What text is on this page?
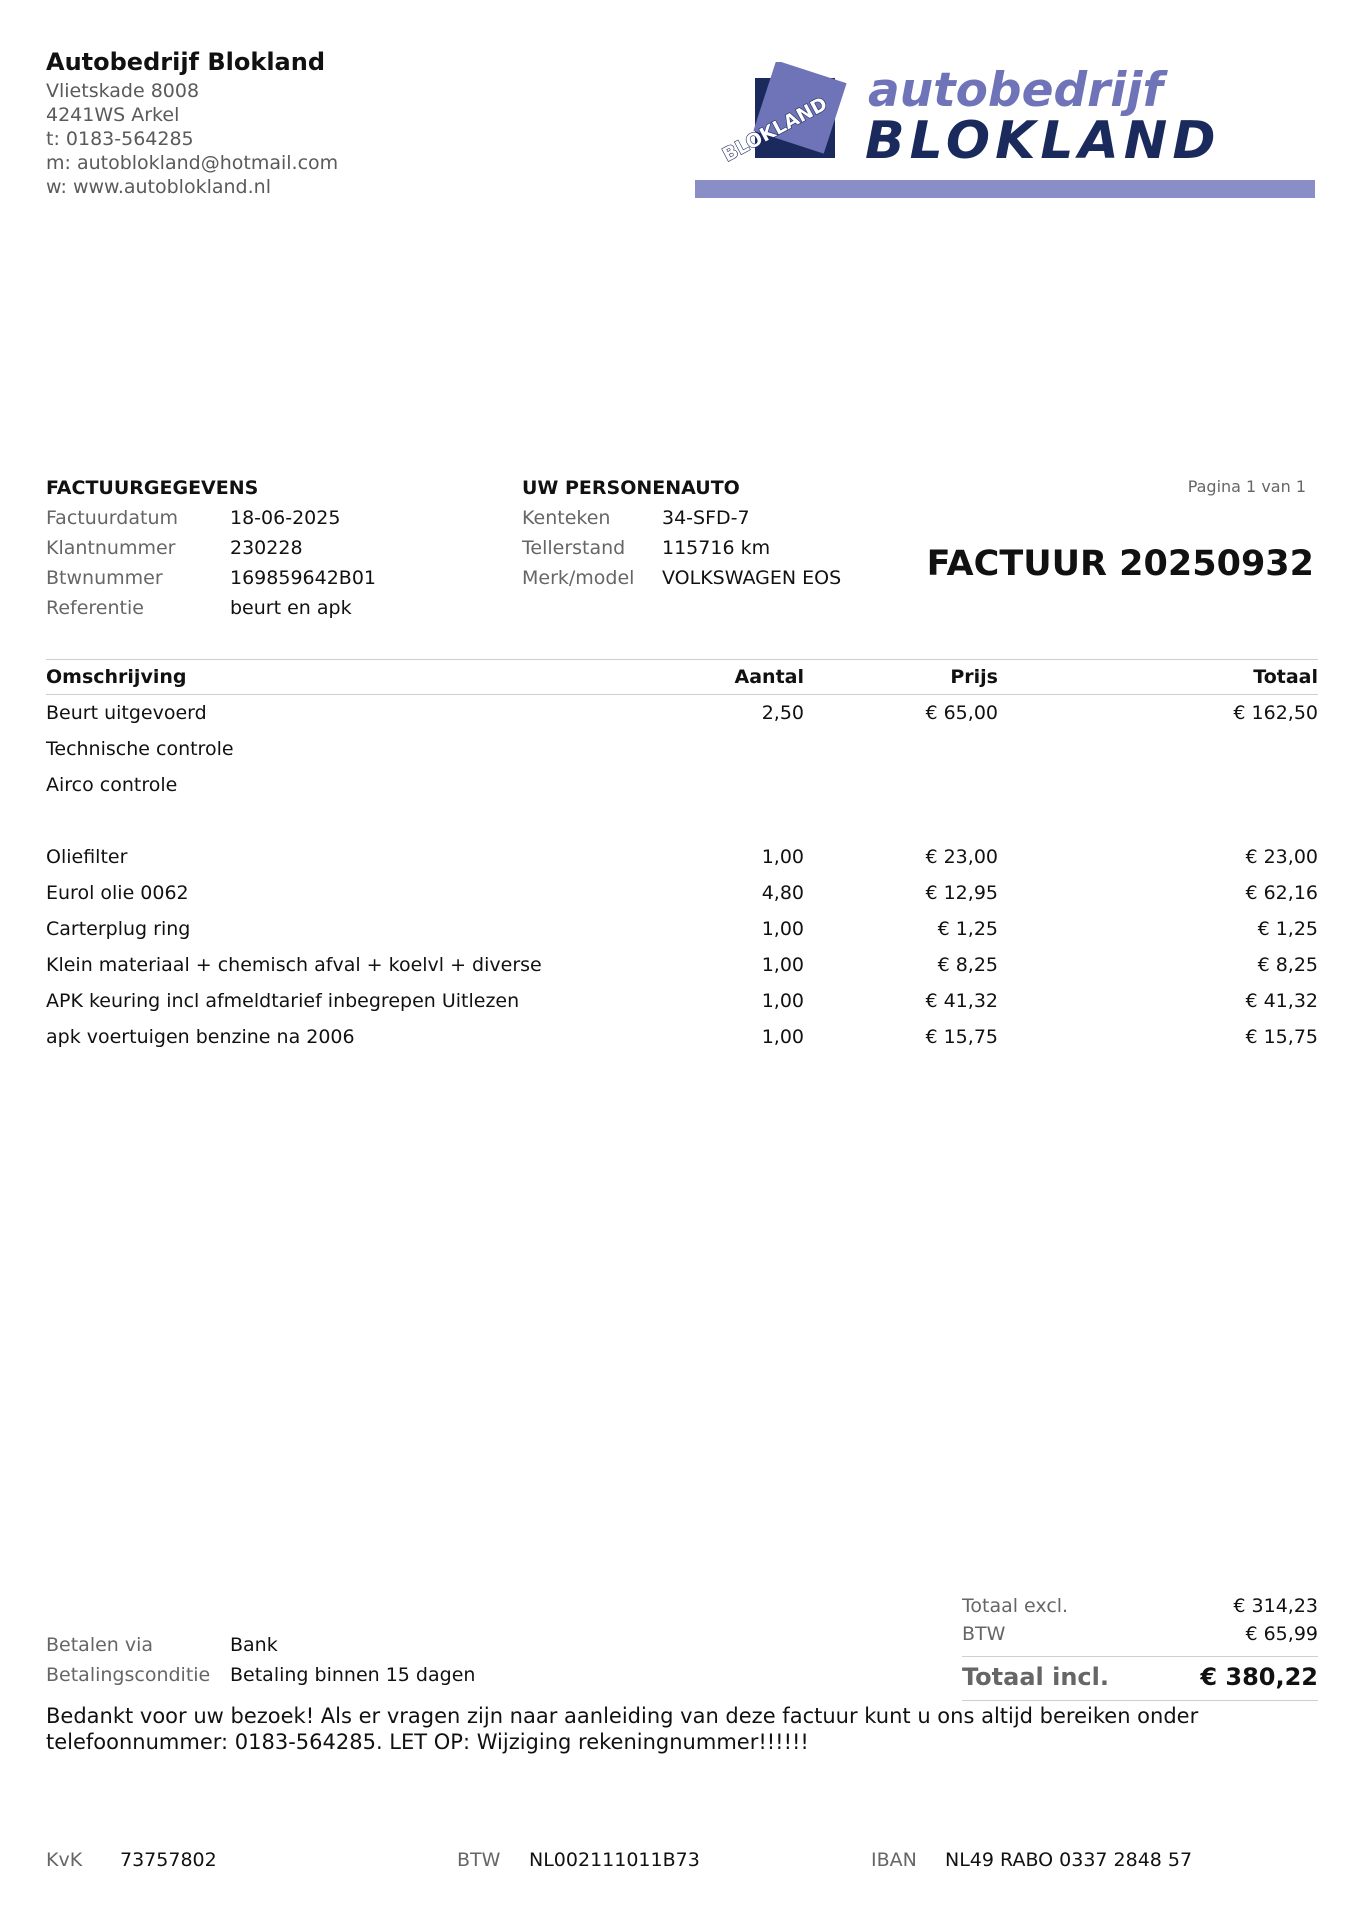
Autobedrijf Blokland
Vlietskade 8008
4241WS Arkel
t: 0183-564285
m: autoblokland@hotmail.com
w: www.autoblokland.nl
BLOKLAND
autobedrijf
BLOKLAND
FACTUURGEGEVENS
Factuurdatum	18-06-2025
Klantnummer	230228
Btwnummer	169859642B01
Referentie	beurt en apk
UW PERSONENAUTO
Kenteken	34-SFD-7
Tellerstand	115716 km
Merk/model	VOLKSWAGEN EOS
Pagina 1 van 1
FACTUUR 20250932
Omschrijving	Aantal	Prijs	Totaal
Beurt uitgevoerd	2,50	€ 65,00	€ 162,50
Technische controle
Airco controle
Oliefilter	1,00	€ 23,00	€ 23,00
Eurol olie 0062	4,80	€ 12,95	€ 62,16
Carterplug ring	1,00	€ 1,25	€ 1,25
Klein materiaal + chemisch afval + koelvl + diverse	1,00	€ 8,25	€ 8,25
APK keuring incl afmeldtarief inbegrepen Uitlezen	1,00	€ 41,32	€ 41,32
apk voertuigen benzine na 2006	1,00	€ 15,75	€ 15,75
Betalen via	Bank
Betalingsconditie	Betaling binnen 15 dagen
Totaal excl.	€ 314,23
BTW	€ 65,99
Totaal incl.	€ 380,22
Bedankt voor uw bezoek! Als er vragen zijn naar aanleiding van deze factuur kunt u ons altijd bereiken onder telefoonnummer: 0183-564285. LET OP: Wijziging rekeningnummer!!!!!!
KvK	73757802	BTW	NL002111011B73	IBAN	NL49 RABO 0337 2848 57
